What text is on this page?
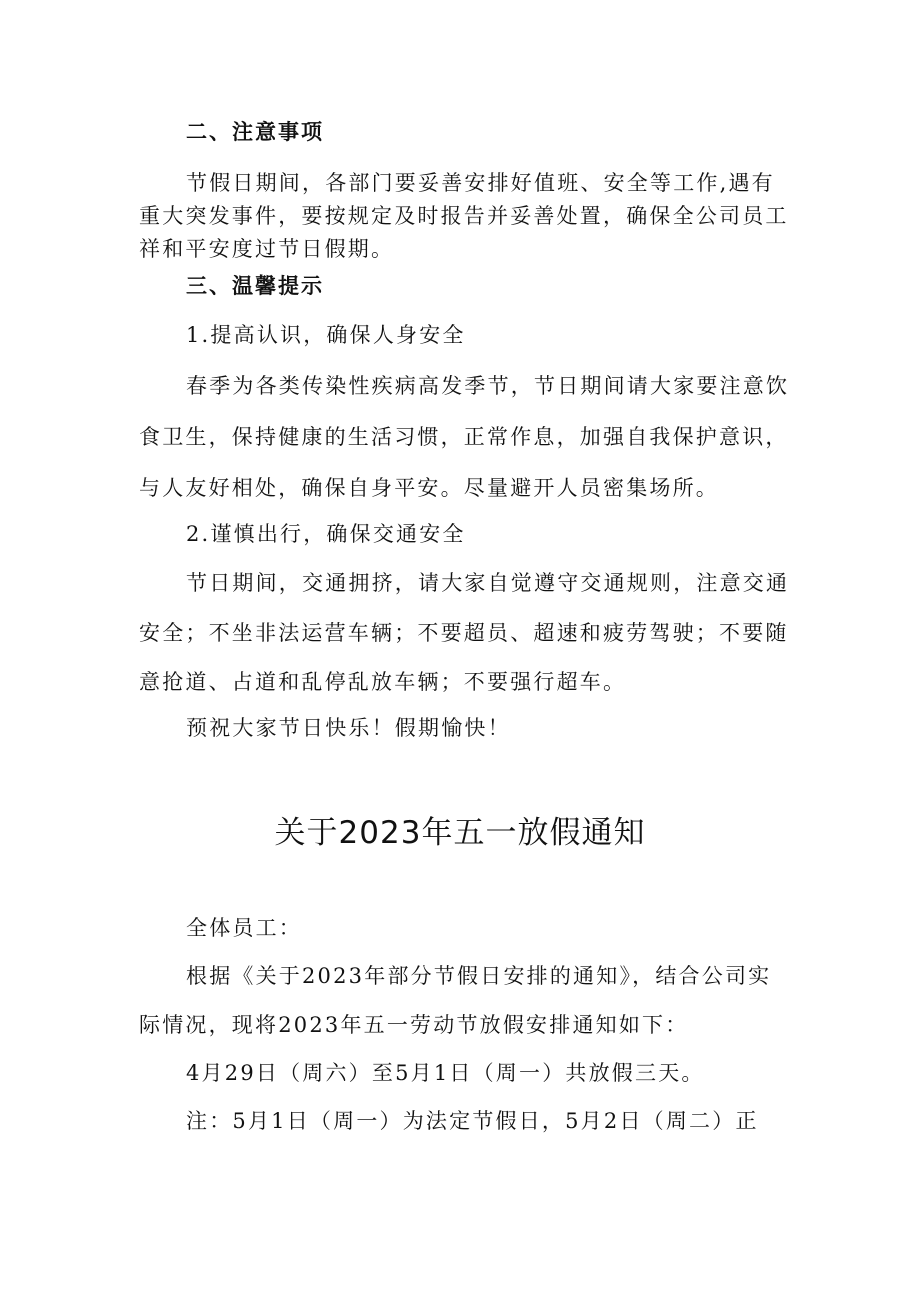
二、注意事项
节假日期间，各部门要妥善安排好值班、安全等工作,遇有
重大突发事件，要按规定及时报告并妥善处置，确保全公司员工
祥和平安度过节日假期。
三、温馨提示
1.提高认识，确保人身安全
春季为各类传染性疾病高发季节，节日期间请大家要注意饮
食卫生，保持健康的生活习惯，正常作息，加强自我保护意识，
与人友好相处，确保自身平安。尽量避开人员密集场所。
2.谨慎出行，确保交通安全
节日期间，交通拥挤，请大家自觉遵守交通规则，注意交通
安全；不坐非法运营车辆；不要超员、超速和疲劳驾驶；不要随
意抢道、占道和乱停乱放车辆；不要强行超车。
预祝大家节日快乐！假期愉快！
关于2023年五一放假通知
全体员工：
根据《关于2023年部分节假日安排的通知》，结合公司实
际情况，现将2023年五一劳动节放假安排通知如下：
4月29日（周六）至5月1日（周一）共放假三天。
注：5月1日（周一）为法定节假日，5月2日（周二）正
